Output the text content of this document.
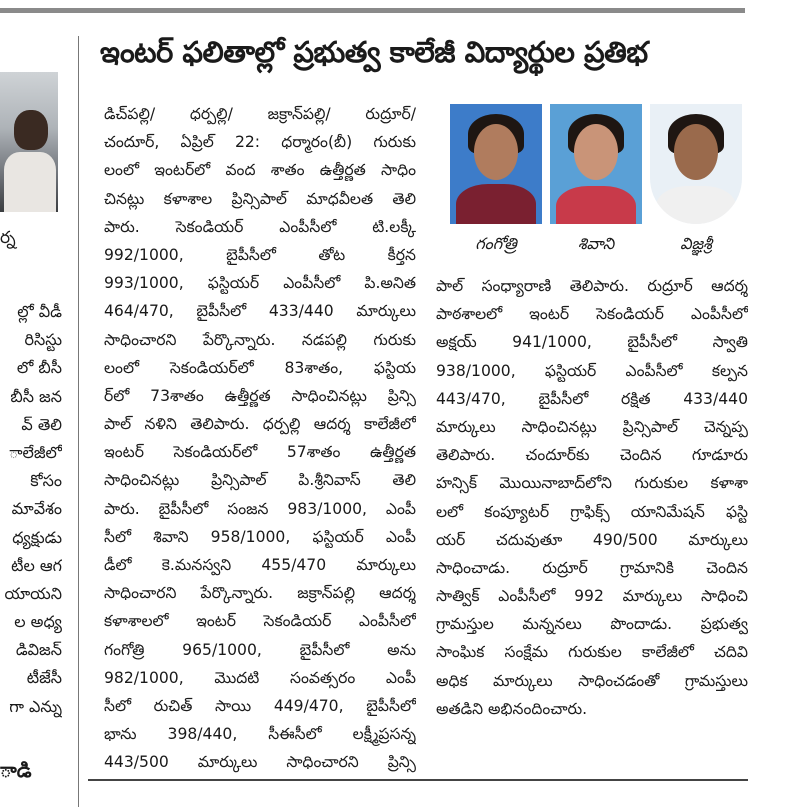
ర్న
ల్లో వీడీ
రిసిస్టు
లో బీసీ
బీసీ జన
వ్ తెలి
ాలేజీలో
కోసం
మావేశం
ధ్యక్షుడు
టీల ఆగ
యాయని
ల అధ్య
డివిజన్
టీజేసీ
గా ఎన్ను
ాడి
ఇంటర్ ఫలితాల్లో ప్రభుత్వ కాలేజీ విద్యార్థుల ప్రతిభ
డిచ్‌పల్లి/ ధర్పల్లి/ జక్రాన్‌పల్లి/ రుద్రూర్/
చందూర్, ఏప్రిల్ 22: ధర్మారం(బీ) గురుకు
లంలో ఇంటర్‌లో వంద శాతం ఉత్తీర్ణత సాధిం
చినట్లు కళాశాల ప్రిన్సిపాల్ మాధవీలత తెలి
పారు. సెకండియర్ ఎంపీసీలో టి.లక్కీ
992/1000, బైపీసీలో తోట కీర్తన
993/1000, ఫస్టియర్ ఎంపీసీలో పి.అనిత
464/470, బైపీసీలో 433/440 మార్కులు
సాధించారని పేర్కొన్నారు. నడపల్లి గురుకు
లంలో సెకండియర్‌లో 83శాతం, ఫస్టియ
ర్‌లో 73శాతం ఉత్తీర్ణత సాధించినట్లు ప్రిన్సి
పాల్ నళిని తెలిపారు. ధర్పల్లి ఆదర్శ కాలేజీలో
ఇంటర్ సెకండియర్‌లో 57శాతం ఉత్తీర్ణత
సాధించినట్లు ప్రిన్సిపాల్ పి.శ్రీనివాస్ తెలి
పారు. బైపీసీలో సంజన 983/1000, ఎంపీ
సీలో శివాని 958/1000, ఫస్టియర్ ఎంపీ
డీలో కె.మనస్వని 455/470 మార్కులు
సాధించారని పేర్కొన్నారు. జక్రాన్‌పల్లి ఆదర్శ
కళాశాలలో ఇంటర్ సెకండియర్ ఎంపీసీలో
గంగోత్రి 965/1000, బైపీసీలో అను
982/1000, మొదటి సంవత్సరం ఎంపీ
సీలో రుచిత్ సాయి 449/470, బైపీసీలో
భాను 398/440, సీఈసీలో లక్ష్మీప్రసన్న
443/500 మార్కులు సాధించారని ప్రిన్సి
గంగోత్రి	శివాని	విజ్ఞశ్రీ
పాల్ సంధ్యారాణి తెలిపారు. రుద్రూర్ ఆదర్శ
పాఠశాలలో ఇంటర్ సెకండియర్ ఎంపీసీలో
అక్షయ్ 941/1000, బైపీసీలో స్వాతి
938/1000, ఫస్టియర్ ఎంపీసీలో కల్పన
443/470, బైపీసీలో రక్షిత 433/440
మార్కులు సాధించినట్లు ప్రిన్సిపాల్ చెన్నప్ప
తెలిపారు. చందూర్‌కు చెందిన గూడూరు
హన్సిక్ మొయినాబాద్‌లోని గురుకుల కళాశా
లలో కంప్యూటర్ గ్రాఫిక్స్ యానిమేషన్ ఫస్టి
యర్ చదువుతూ 490/500 మార్కులు
సాధించాడు. రుద్రూర్ గ్రామానికి చెందిన
సాత్విక్ ఎంపీసీలో 992 మార్కులు సాధించి
గ్రామస్తుల మన్ననలు పొందాడు. ప్రభుత్వ
సాంఘిక సంక్షేమ గురుకుల కాలేజీలో చదివి
అధిక మార్కులు సాధించడంతో గ్రామస్తులు
అతడిని అభినందించారు.
